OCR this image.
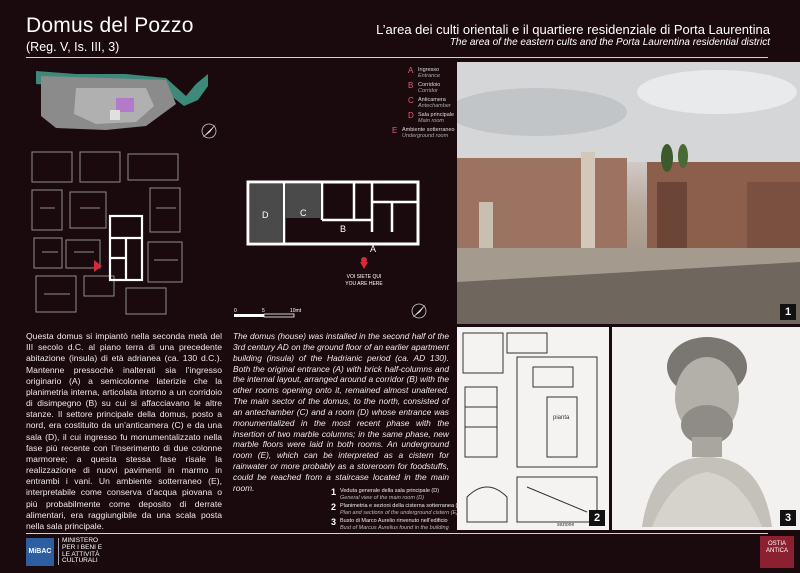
Domus del Pozzo
(Reg. V, Is. III, 3)
L’area dei culti orientali e il quartiere residenziale di Porta Laurentina
The area of the eastern cults and the Porta Laurentina residential district
A Ingresso
Entrance
B Corridoio
Corridor
C Anticamera
Antechamber
D Sala principale
Main room
E Ambiente sotterraneo
Underground room
D	C
B
A
VOI SIETE QUI
YOU ARE HERE
0	5	10mt	1
pianta
sezione
2	3
Questa domus si impiantò nella seconda metà del III secolo d.C. al piano terra di una precedente abitazione (insula) di età adrianea (ca. 130 d.C.). Mantenne pressoché inalterati sia l’ingresso originario (A) a semicolonne laterizie che la planimetria interna, articolata intorno a un corridoio di disimpegno (B) su cui si affacciavano le altre stanze. Il settore principale della domus, posto a nord, era costituito da un’anticamera (C) e da una sala (D), il cui ingresso fu monumentalizzato nella fase più recente con l’inserimento di due colonne marmoree; a questa stessa fase risale la realizzazione di nuovi pavimenti in marmo in entrambi i vani. Un ambiente sotterraneo (E), interpretabile come conserva d’acqua piovana o più probabilmente come deposito di derrate alimentari, era raggiungibile da una scala posta nella sala principale.
The domus (house) was installed in the second half of the 3rd century AD on the ground floor of an earlier apartment building (insula) of the Hadrianic period (ca. AD 130). Both the original entrance (A) with brick half-columns and the internal layout, arranged around a corridor (B) with the other rooms opening onto it, remained almost unaltered. The main sector of the domus, to the north, consisted of an antechamber (C) and a room (D) whose entrance was monumentalized in the most recent phase with the insertion of two marble columns; in the same phase, new marble floors were laid in both rooms. An underground room (E), which can be interpreted as a cistern for rainwater or more probably as a storeroom for foodstuffs, could be reached from a staircase located in the main room.	1 Veduta generale della sala principale (D)
General view of the main room (D)
2 Planimetria e sezioni della cisterna sotterranea (E)
Plan and sections of the underground cistern (E)
3 Busto di Marco Aurelio rinvenuto nell’edificio
Bust of Marcus Aurelius found in the building
MiBAC
MINISTERO
PER I BENI E
LE ATTIVITÀ
CULTURALI
OSTIA
ANTICA
